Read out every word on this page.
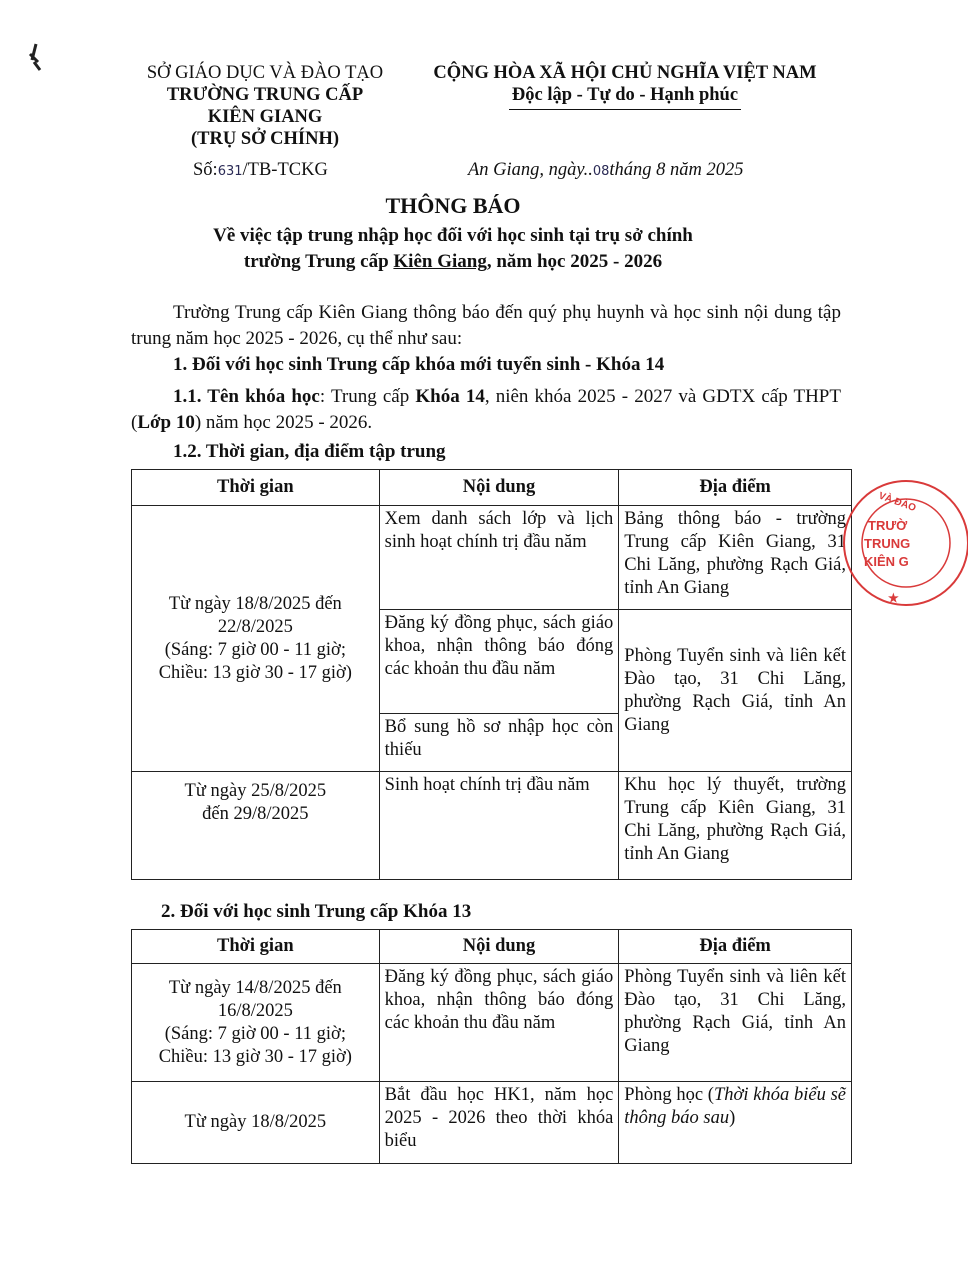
SỞ GIÁO DỤC VÀ ĐÀO TẠO
TRƯỜNG TRUNG CẤP
KIÊN GIANG
(TRỤ SỞ CHÍNH)
CỘNG HÒA XÃ HỘI CHỦ NGHĨA VIỆT NAM
Độc lập - Tự do - Hạnh phúc
Số:631/TB-TCKG	An Giang, ngày..08tháng 8 năm 2025
THÔNG BÁO
Về việc tập trung nhập học đối với học sinh tại trụ sở chính
trường Trung cấp Kiên Giang, năm học 2025 - 2026
Trường Trung cấp Kiên Giang thông báo đến quý phụ huynh và học sinh nội dung tập trung năm học 2025 - 2026, cụ thể như sau:
1. Đối với học sinh Trung cấp khóa mới tuyển sinh - Khóa 14
1.1. Tên khóa học: Trung cấp Khóa 14, niên khóa 2025 - 2027 và GDTX cấp THPT (Lớp 10) năm học 2025 - 2026.
1.2. Thời gian, địa điểm tập trung
Thời gian	Nội dung	Địa điểm

Từ ngày 18/8/2025 đến
22/8/2025
(Sáng: 7 giờ 00 - 11 giờ;
Chiều: 13 giờ 30 - 17 giờ)	Xem danh sách lớp và lịch sinh hoạt chính trị đầu năm	Bảng thông báo - trường Trung cấp Kiên Giang, 31 Chi Lăng, phường Rạch Giá, tỉnh An Giang
	Đăng ký đồng phục, sách giáo khoa, nhận thông báo đóng các khoản thu đầu năm	Phòng Tuyển sinh và liên kết Đào tạo, 31 Chi Lăng, phường Rạch Giá, tỉnh An Giang
	Bổ sung hồ sơ nhập học còn thiếu	

Từ ngày 25/8/2025
đến 29/8/2025	Sinh hoạt chính trị đầu năm	Khu học lý thuyết, trường Trung cấp Kiên Giang, 31 Chi Lăng, phường Rạch Giá, tỉnh An Giang
2. Đối với học sinh Trung cấp Khóa 13
Thời gian	Nội dung	Địa điểm

Từ ngày 14/8/2025 đến
16/8/2025
(Sáng: 7 giờ 00 - 11 giờ;
Chiều: 13 giờ 30 - 17 giờ)	Đăng ký đồng phục, sách giáo khoa, nhận thông báo đóng các khoản thu đầu năm	Phòng Tuyển sinh và liên kết Đào tạo, 31 Chi Lăng, phường Rạch Giá, tỉnh An Giang
Từ ngày 18/8/2025	Bắt đầu học HK1, năm học 2025 - 2026 theo thời khóa biểu	Phòng học (Thời khóa biểu sẽ thông báo sau)
VÀ ĐÀO
TRƯỜ
TRUNG
KIÊN G
★
